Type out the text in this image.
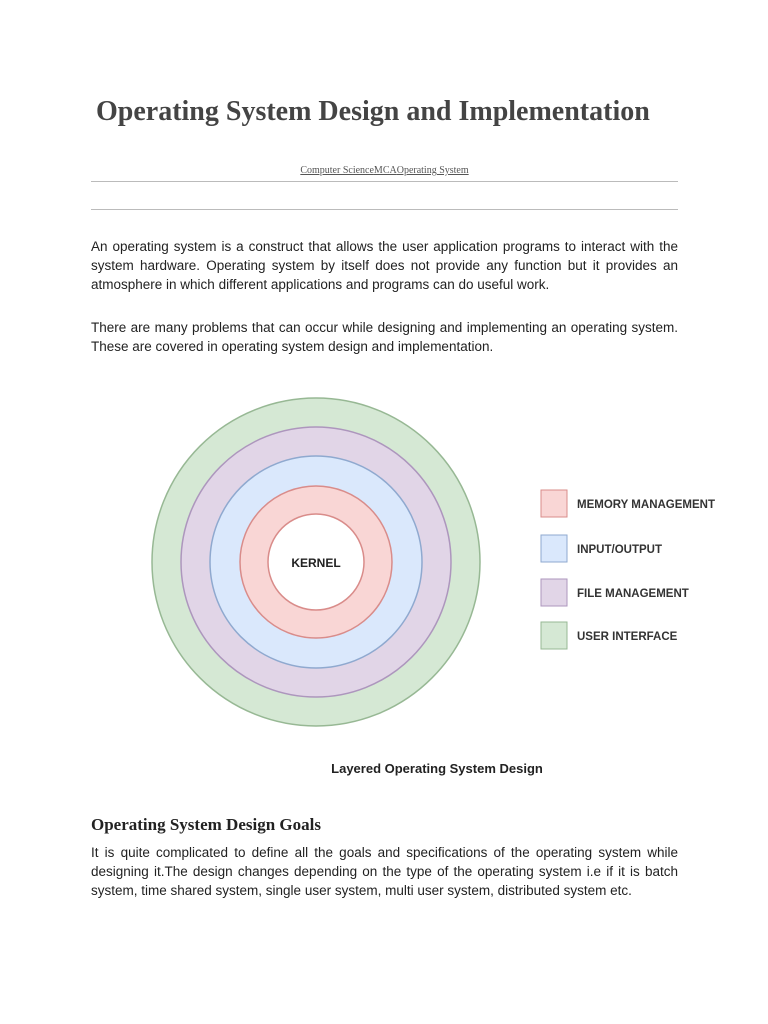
Operating System Design and Implementation
Computer ScienceMCAOperating System

An operating system is a construct that allows the user application programs to interact with the system hardware. Operating system by itself does not provide any function but it provides an atmosphere in which different applications and programs can do useful work.

There are many problems that can occur while designing and implementing an operating system. These are covered in operating system design and implementation.

KERNEL
MEMORY MANAGEMENT
INPUT/OUTPUT
FILE MANAGEMENT
USER INTERFACE
Layered Operating System Design
Operating System Design Goals

It is quite complicated to define all the goals and specifications of the operating system while designing it.The design changes depending on the type of the operating system i.e if it is batch system, time shared system, single user system, multi user system, distributed system etc.
